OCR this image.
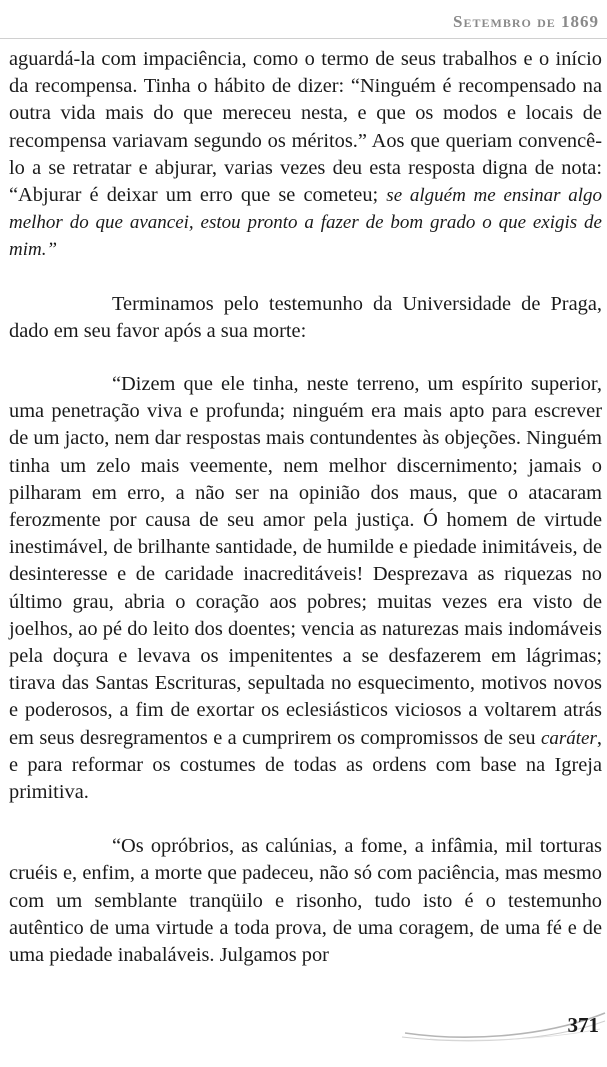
Setembro de 1869

aguardá-la com impaciência, como o termo de seus trabalhos e o início da recompensa. Tinha o hábito de dizer: “Ninguém é recompensado na outra vida mais do que mereceu nesta, e que os modos e locais de recompensa variavam segundo os méritos.” Aos que queriam convencê-lo a se retratar e abjurar, varias vezes deu esta resposta digna de nota: “Abjurar é deixar um erro que se cometeu; se alguém me ensinar algo melhor do que avancei, estou pronto a fazer de bom grado o que exigis de mim.”

Terminamos pelo testemunho da Universidade de Praga, dado em seu favor após a sua morte:

“Dizem que ele tinha, neste terreno, um espírito superior, uma penetração viva e profunda; ninguém era mais apto para escrever de um jacto, nem dar respostas mais contundentes às objeções. Ninguém tinha um zelo mais veemente, nem melhor discernimento; jamais o pilharam em erro, a não ser na opinião dos maus, que o atacaram ferozmente por causa de seu amor pela justiça. Ó homem de virtude inestimável, de brilhante santidade, de humilde e piedade inimitáveis, de desinteresse e de caridade inacreditáveis! Desprezava as riquezas no último grau, abria o coração aos pobres; muitas vezes era visto de joelhos, ao pé do leito dos doentes; vencia as naturezas mais indomáveis pela doçura e levava os impenitentes a se desfazerem em lágrimas; tirava das Santas Escrituras, sepultada no esquecimento, motivos novos e poderosos, a fim de exortar os eclesiásticos viciosos a voltarem atrás em seus desregramentos e a cumprirem os compromissos de seu caráter, e para reformar os costumes de todas as ordens com base na Igreja primitiva.

“Os opróbrios, as calúnias, a fome, a infâmia, mil torturas cruéis e, enfim, a morte que padeceu, não só com paciência, mas mesmo com um semblante tranqüilo e risonho, tudo isto é o testemunho autêntico de uma virtude a toda prova, de uma coragem, de uma fé e de uma piedade inabaláveis. Julgamos por

371
